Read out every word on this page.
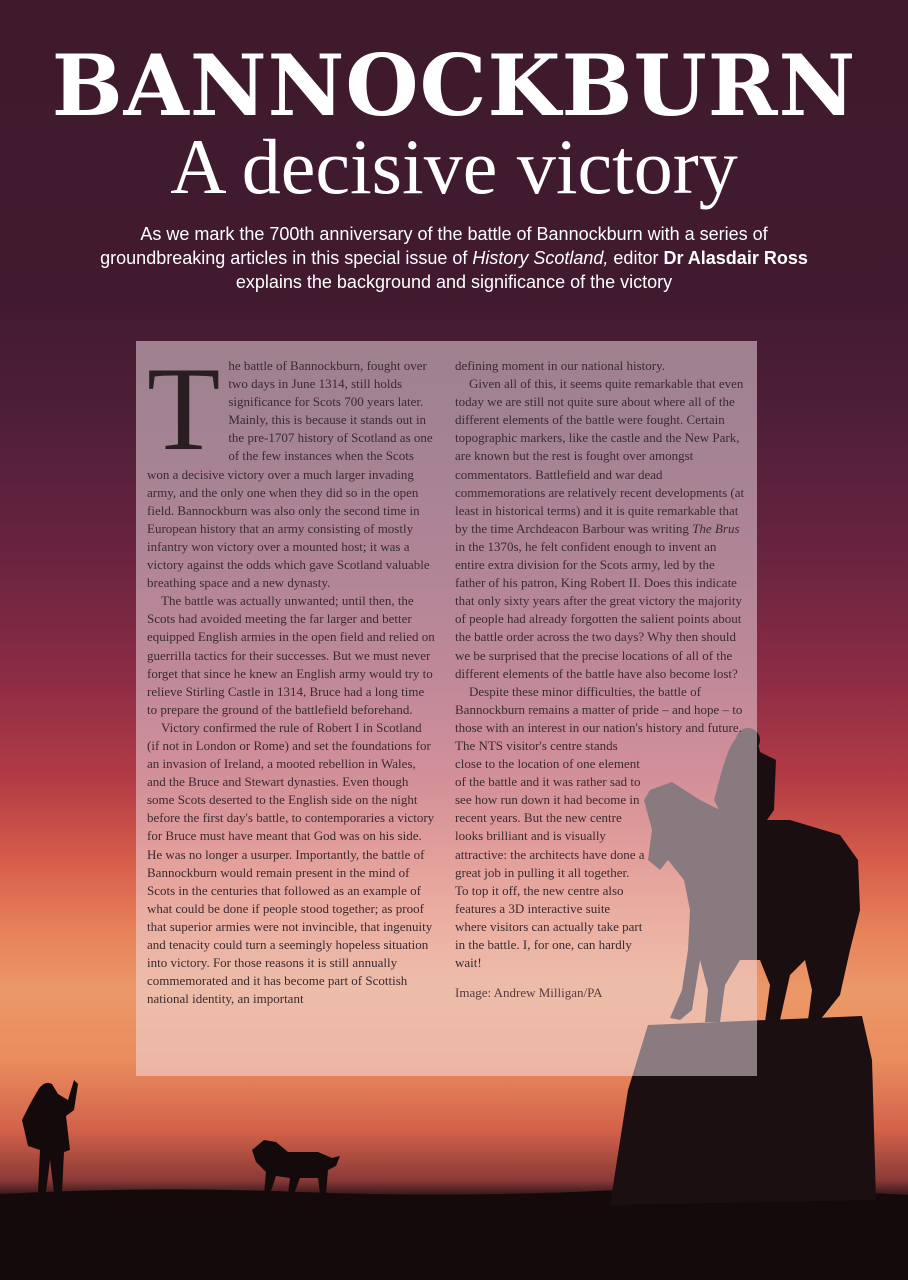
BANNOCKBURN
A decisive victory
As we mark the 700th anniversary of the battle of Bannockburn with a series of
groundbreaking articles in this special issue of History Scotland, editor Dr Alasdair Ross
explains the background and significance of the victory

The battle of Bannockburn, fought over two days in June 1314, still holds significance for Scots 700 years later. Mainly, this is because it stands out in the pre-1707 history of Scotland as one of the few instances when the Scots won a decisive victory over a much larger invading army, and the only one when they did so in the open field. Bannockburn was also only the second time in European history that an army consisting of mostly infantry won victory over a mounted host; it was a victory against the odds which gave Scotland valuable breathing space and a new dynasty.

The battle was actually unwanted; until then, the Scots had avoided meeting the far larger and better equipped English armies in the open field and relied on guerrilla tactics for their successes. But we must never forget that since he knew an English army would try to relieve Stirling Castle in 1314, Bruce had a long time to prepare the ground of the battlefield beforehand.

Victory confirmed the rule of Robert I in Scotland (if not in London or Rome) and set the foundations for an invasion of Ireland, a mooted rebellion in Wales, and the Bruce and Stewart dynasties. Even though some Scots deserted to the English side on the night before the first day's battle, to contemporaries a victory for Bruce must have meant that God was on his side. He was no longer a usurper. Importantly, the battle of Bannockburn would remain present in the mind of Scots in the centuries that followed as an example of what could be done if people stood together; as proof that superior armies were not invincible, that ingenuity and tenacity could turn a seemingly hopeless situation into victory. For those reasons it is still annually commemorated and it has become part of Scottish national identity, an important

defining moment in our national history.

Given all of this, it seems quite remarkable that even today we are still not quite sure about where all of the different elements of the battle were fought. Certain topographic markers, like the castle and the New Park, are known but the rest is fought over amongst commentators. Battlefield and war dead commemorations are relatively recent developments (at least in historical terms) and it is quite remarkable that by the time Archdeacon Barbour was writing The Brus in the 1370s, he felt confident enough to invent an entire extra division for the Scots army, led by the father of his patron, King Robert II. Does this indicate that only sixty years after the great victory the majority of people had already forgotten the salient points about the battle order across the two days? Why then should we be surprised that the precise locations of all of the different elements of the battle have also become lost?

Despite these minor difficulties, the battle of Bannockburn remains a matter of pride – and hope – to those with an interest in our nation's history and future.

The NTS visitor's centre stands close to the location of one element of the battle and it was rather sad to see how run down it had become in recent years. But the new centre looks brilliant and is visually attractive: the architects have done a great job in pulling it all together. To top it off, the new centre also features a 3D interactive suite where visitors can actually take part in the battle. I, for one, can hardly wait!

Image: Andrew Milligan/PA
